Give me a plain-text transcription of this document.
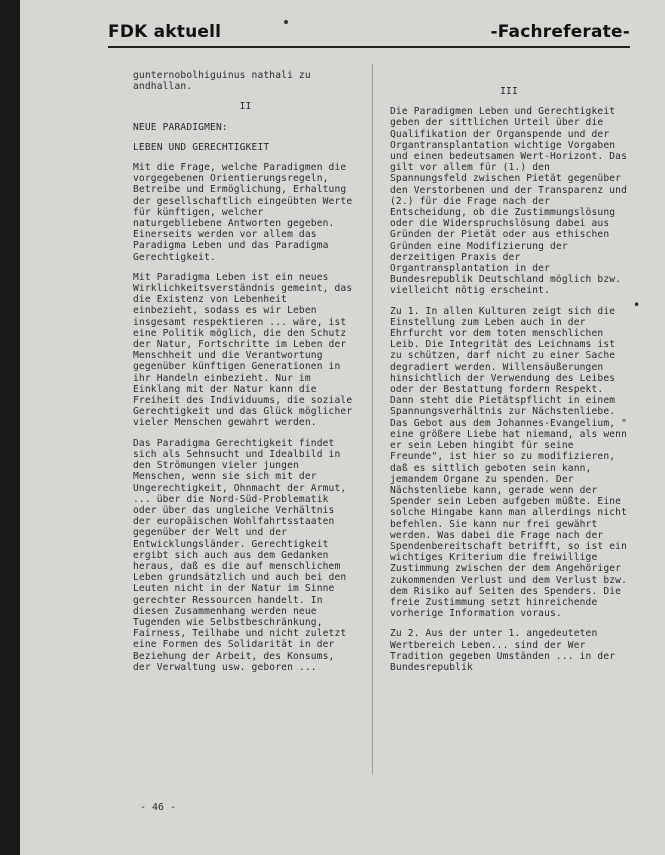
FDK aktuell	-Fachreferate-

gunternobolhiguinus nathali zu andhallan.

II

NEUE PARADIGMEN:

LEBEN UND GERECHTIGKEIT

Mit die Frage, welche Paradigmen die vorgegebenen Orientierungsregeln, Betreibe und Ermöglichung, Erhaltung der gesellschaftlich eingeübten Werte für künftigen, welcher naturgebliebene Antworten gegeben. Einerseits werden vor allem das Paradigma Leben und das Paradigma Gerechtigkeit.

Mit Paradigma Leben ist ein neues Wirklichkeitsverständnis gemeint, das die Existenz von Lebenheit einbezieht, sodass es wir Leben insgesamt respektieren ... wäre, ist eine Politik möglich, die den Schutz der Natur, Fortschritte im Leben der Menschheit und die Verantwortung gegenüber künftigen Generationen in ihr Handeln einbezieht. Nur im Einklang mit der Natur kann die Freiheit des Individuums, die soziale Gerechtigkeit und das Glück möglicher vieler Menschen gewahrt werden.

Das Paradigma Gerechtigkeit findet sich als Sehnsucht und Idealbild in den Strömungen vieler jungen Menschen, wenn sie sich mit der Ungerechtigkeit, Ohnmacht der Armut, ... über die Nord-Süd-Problematik oder über das ungleiche Verhältnis der europäischen Wohlfahrtsstaaten gegenüber der Welt und der Entwicklungsländer. Gerechtigkeit ergibt sich auch aus dem Gedanken heraus, daß es die auf menschlichem Leben grundsätzlich und auch bei den Leuten nicht in der Natur im Sinne gerechter Ressourcen handelt. In diesen Zusammenhang werden neue Tugenden wie Selbstbeschränkung, Fairness, Teilhabe und nicht zuletzt eine Formen des Solidarität in der Beziehung der Arbeit, des Konsums, der Verwaltung usw. geboren ...

III

Die Paradigmen Leben und Gerechtigkeit geben der sittlichen Urteil über die Qualifikation der Organspende und der Organtransplantation wichtige Vorgaben und einen bedeutsamen Wert-Horizont. Das gilt vor allem für (1.) den Spannungsfeld zwischen Pietät gegenüber den Verstorbenen und der Transparenz und (2.) für die Frage nach der Entscheidung, ob die Zustimmungslösung oder die Widerspruchslösung dabei aus Gründen der Pietät oder aus ethischen Gründen eine Modifizierung der derzeitigen Praxis der Organtransplantation in der Bundesrepublik Deutschland möglich bzw. vielleicht nötig erscheint.

Zu 1. In allen Kulturen zeigt sich die Einstellung zum Leben auch in der Ehrfurcht vor dem toten menschlichen Leib. Die Integrität des Leichnams ist zu schützen, darf nicht zu einer Sache degradiert werden. Willensäußerungen hinsichtlich der Verwendung des Leibes oder der Bestattung fordern Respekt. Dann steht die Pietätspflicht in einem Spannungsverhältnis zur Nächstenliebe. Das Gebot aus dem Johannes-Evangelium, " eine größere Liebe hat niemand, als wenn er sein Leben hingibt für seine Freunde", ist hier so zu modifizieren, daß es sittlich geboten sein kann, jemandem Organe zu spenden. Der Nächstenliebe kann, gerade wenn der Spender sein Leben aufgeben müßte. Eine solche Hingabe kann man allerdings nicht befehlen. Sie kann nur frei gewährt werden. Was dabei die Frage nach der Spendenbereitschaft betrifft, so ist ein wichtiges Kriterium die freiwillige Zustimmung zwischen der dem Angehöriger zukommenden Verlust und dem Verlust bzw. dem Risiko auf Seiten des Spenders. Die freie Zustimmung setzt hinreichende vorherige Information voraus.

Zu 2. Aus der unter 1. angedeuteten Wertbereich Leben... sind der Wer Tradition gegeben Umständen ... in der Bundesrepublik

•
- 46 -
